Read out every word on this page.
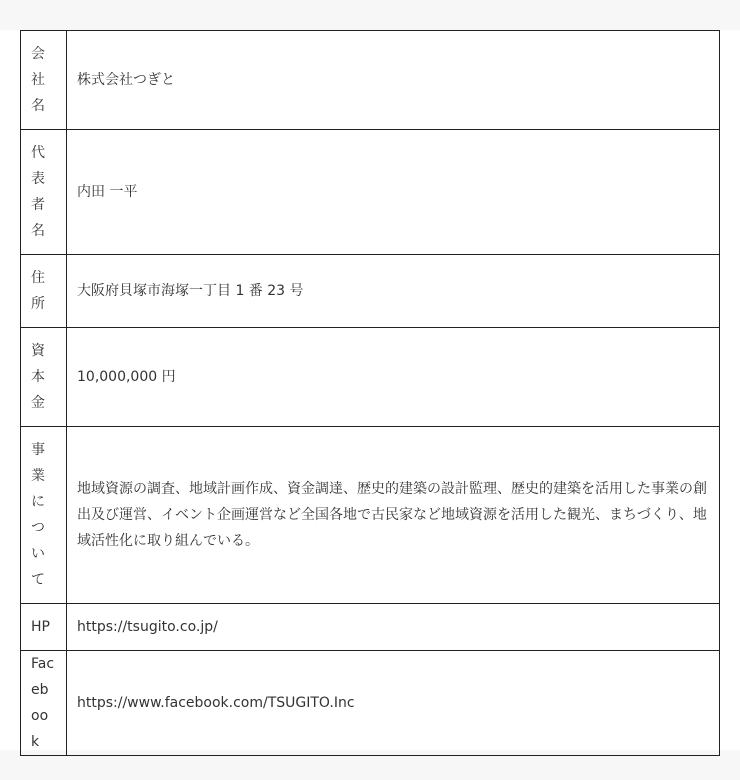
会社名	株式会社つぎと
代表者名	内田 一平
住所	大阪府貝塚市海塚一丁目 1 番 23 号
資本金	10,000,000 円
事業について	地域資源の調査、地域計画作成、資金調達、歴史的建築の設計監理、歴史的建築を活用した事業の創出及び運営、イベント企画運営など全国各地で古民家など地域資源を活用した観光、まちづくり、地域活性化に取り組んでいる。
HP	https://tsugito.co.jp/
Facebook	https://www.facebook.com/TSUGITO.Inc
